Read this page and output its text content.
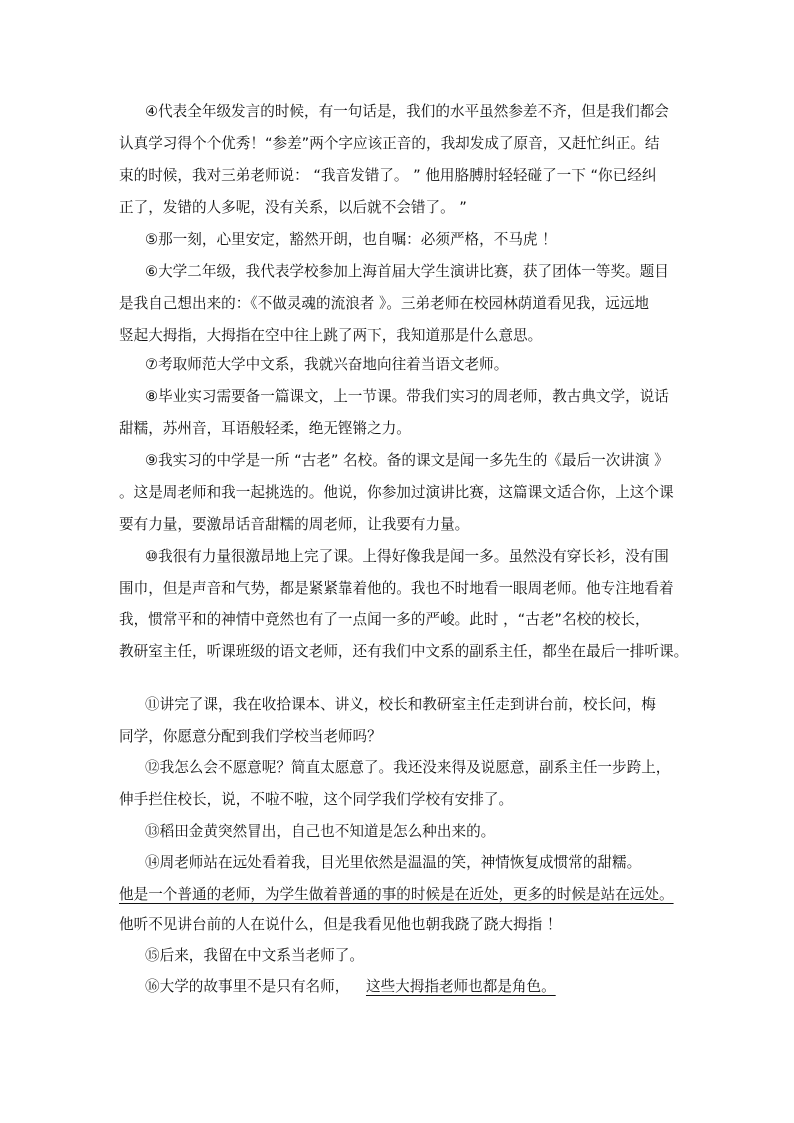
④代表全年级发言的时候，有一句话是，我们的水平虽然参差不齐，但是我们都会
认真学习得个个优秀！“参差”两个字应该正音的，我却发成了原音，又赶忙纠正。结
束的时候，我对三弟老师说： “我音发错了。 ” 他用胳膊肘轻轻碰了一下 “你已经纠
正了，发错的人多呢，没有关系，以后就不会错了。 ”
⑤那一刻，心里安定，豁然开朗，也自嘱：必须严格，不马虎 ！
⑥大学二年级，我代表学校参加上海首届大学生演讲比赛，获了团体一等奖。题目
是我自己想出来的：《不做灵魂的流浪者 》。三弟老师在校园林荫道看见我，远远地
竖起大拇指，大拇指在空中往上跳了两下，我知道那是什么意思。
⑦考取师范大学中文系，我就兴奋地向往着当语文老师。
⑧毕业实习需要备一篇课文，上一节课。带我们实习的周老师，教古典文学，说话
甜糯，苏州音，耳语般轻柔，绝无铿锵之力。
⑨我实习的中学是一所 “古老” 名校。备的课文是闻一多先生的《最后一次讲演 》
。这是周老师和我一起挑选的。他说，你参加过演讲比赛，这篇课文适合你，上这个课
要有力量，要激昂话音甜糯的周老师，让我要有力量。
⑩我很有力量很激昂地上完了课。上得好像我是闻一多。虽然没有穿长衫，没有围
围巾，但是声音和气势，都是紧紧靠着他的。我也不时地看一眼周老师。他专注地看着
我，惯常平和的神情中竟然也有了一点闻一多的严峻。此时 ，“古老”名校的校长，
教研室主任，听课班级的语文老师，还有我们中文系的副系主任，都坐在最后一排听课。
⑪讲完了课，我在收拾课本、讲义，校长和教研室主任走到讲台前，校长问，梅
同学，你愿意分配到我们学校当老师吗？
⑫我怎么会不愿意呢？简直太愿意了。我还没来得及说愿意，副系主任一步跨上，
伸手拦住校长，说，不啦不啦，这个同学我们学校有安排了。
⑬稻田金黄突然冒出，自己也不知道是怎么种出来的。
⑭周老师站在远处看着我，目光里依然是温温的笑，神情恢复成惯常的甜糯。
他是一个普通的老师，为学生做着普通的事的时候是在近处，更多的时候是站在远处。
他听不见讲台前的人在说什么，但是我看见他也朝我跷了跷大拇指 ！
⑮后来，我留在中文系当老师了。
⑯大学的故事里不是只有名师， 这些大拇指老师也都是角色。
